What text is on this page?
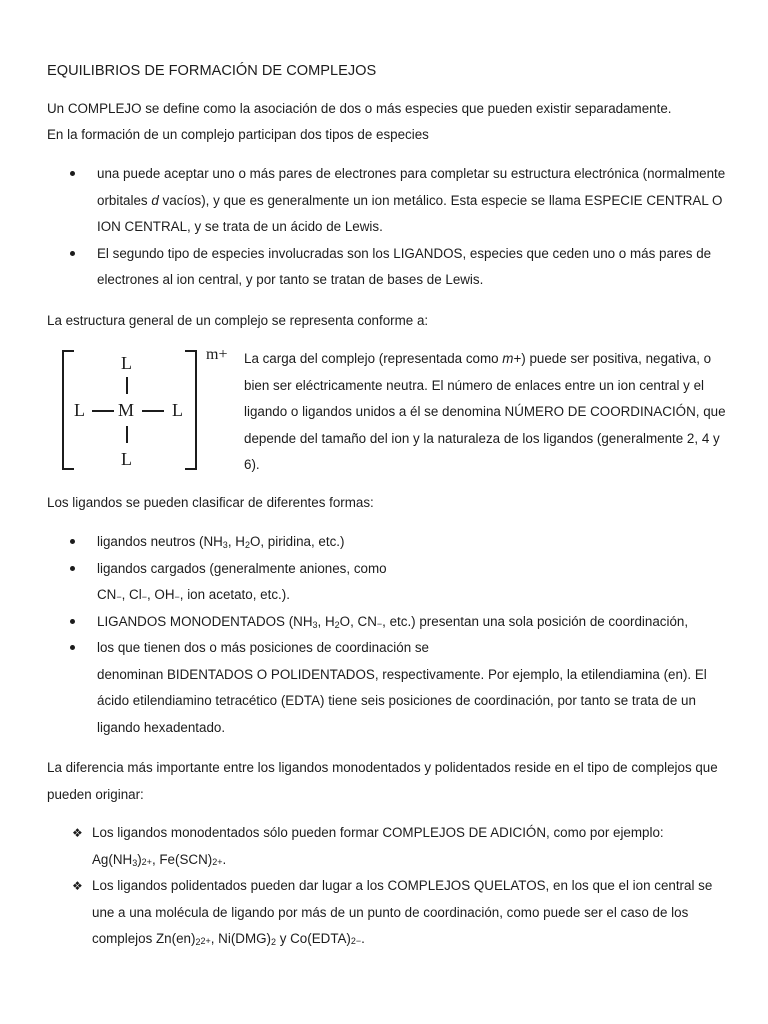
EQUILIBRIOS DE FORMACIÓN DE COMPLEJOS
Un COMPLEJO se define como la asociación de dos o más especies que pueden existir separadamente.
En la formación de un complejo participan dos tipos de especies
una puede aceptar uno o más pares de electrones para completar su estructura electrónica (normalmente orbitales d vacíos), y que es generalmente un ion metálico. Esta especie se llama ESPECIE CENTRAL O ION CENTRAL, y se trata de un ácido de Lewis.
El segundo tipo de especies involucradas son los LIGANDOS, especies que ceden uno o más pares de electrones al ion central, y por tanto se tratan de bases de Lewis.
La estructura general de un complejo se representa conforme a:
L
L M L
L
m+ La carga del complejo (representada como m+) puede ser positiva, negativa, o bien ser eléctricamente neutra. El número de enlaces entre un ion central y el ligando o ligandos unidos a él se denomina NÚMERO DE COORDINACIÓN, que depende del tamaño del ion y la naturaleza de los ligandos (generalmente 2, 4 y 6).
Los ligandos se pueden clasificar de diferentes formas:
ligandos neutros ($NH_3$, $H_2O$, piridina, etc.)
ligandos cargados (generalmente aniones, como
CN−, Cl−, OH−, ion acetato, etc.).
LIGANDOS MONODENTADOS ($NH_3$, $H_2O$, CN−, etc.) presentan una sola posición de coordinación,
los que tienen dos o más posiciones de coordinación se
denominan BIDENTADOS O POLIDENTADOS, respectivamente. Por ejemplo, la etilendiamina (en). El ácido etilendiamino tetracético (EDTA) tiene seis posiciones de coordinación, por tanto se trata de un ligando hexadentado.
La diferencia más importante entre los ligandos monodentados y polidentados reside en el tipo de complejos que pueden originar:
❖ Los ligandos monodentados sólo pueden formar COMPLEJOS DE ADICIÓN, como por ejemplo:
$Ag(NH_3)^{2+}$, Fe(SCN)$^{2+}$.
❖ Los ligandos polidentados pueden dar lugar a los COMPLEJOS QUELATOS, en los que el ion central se une a una molécula de ligando por más de un punto de coordinación, como puede ser el caso de los complejos $Zn(en)_2^{2+}$, $Ni(DMG)_2$ y Co(EDTA)$^{2-}$.
